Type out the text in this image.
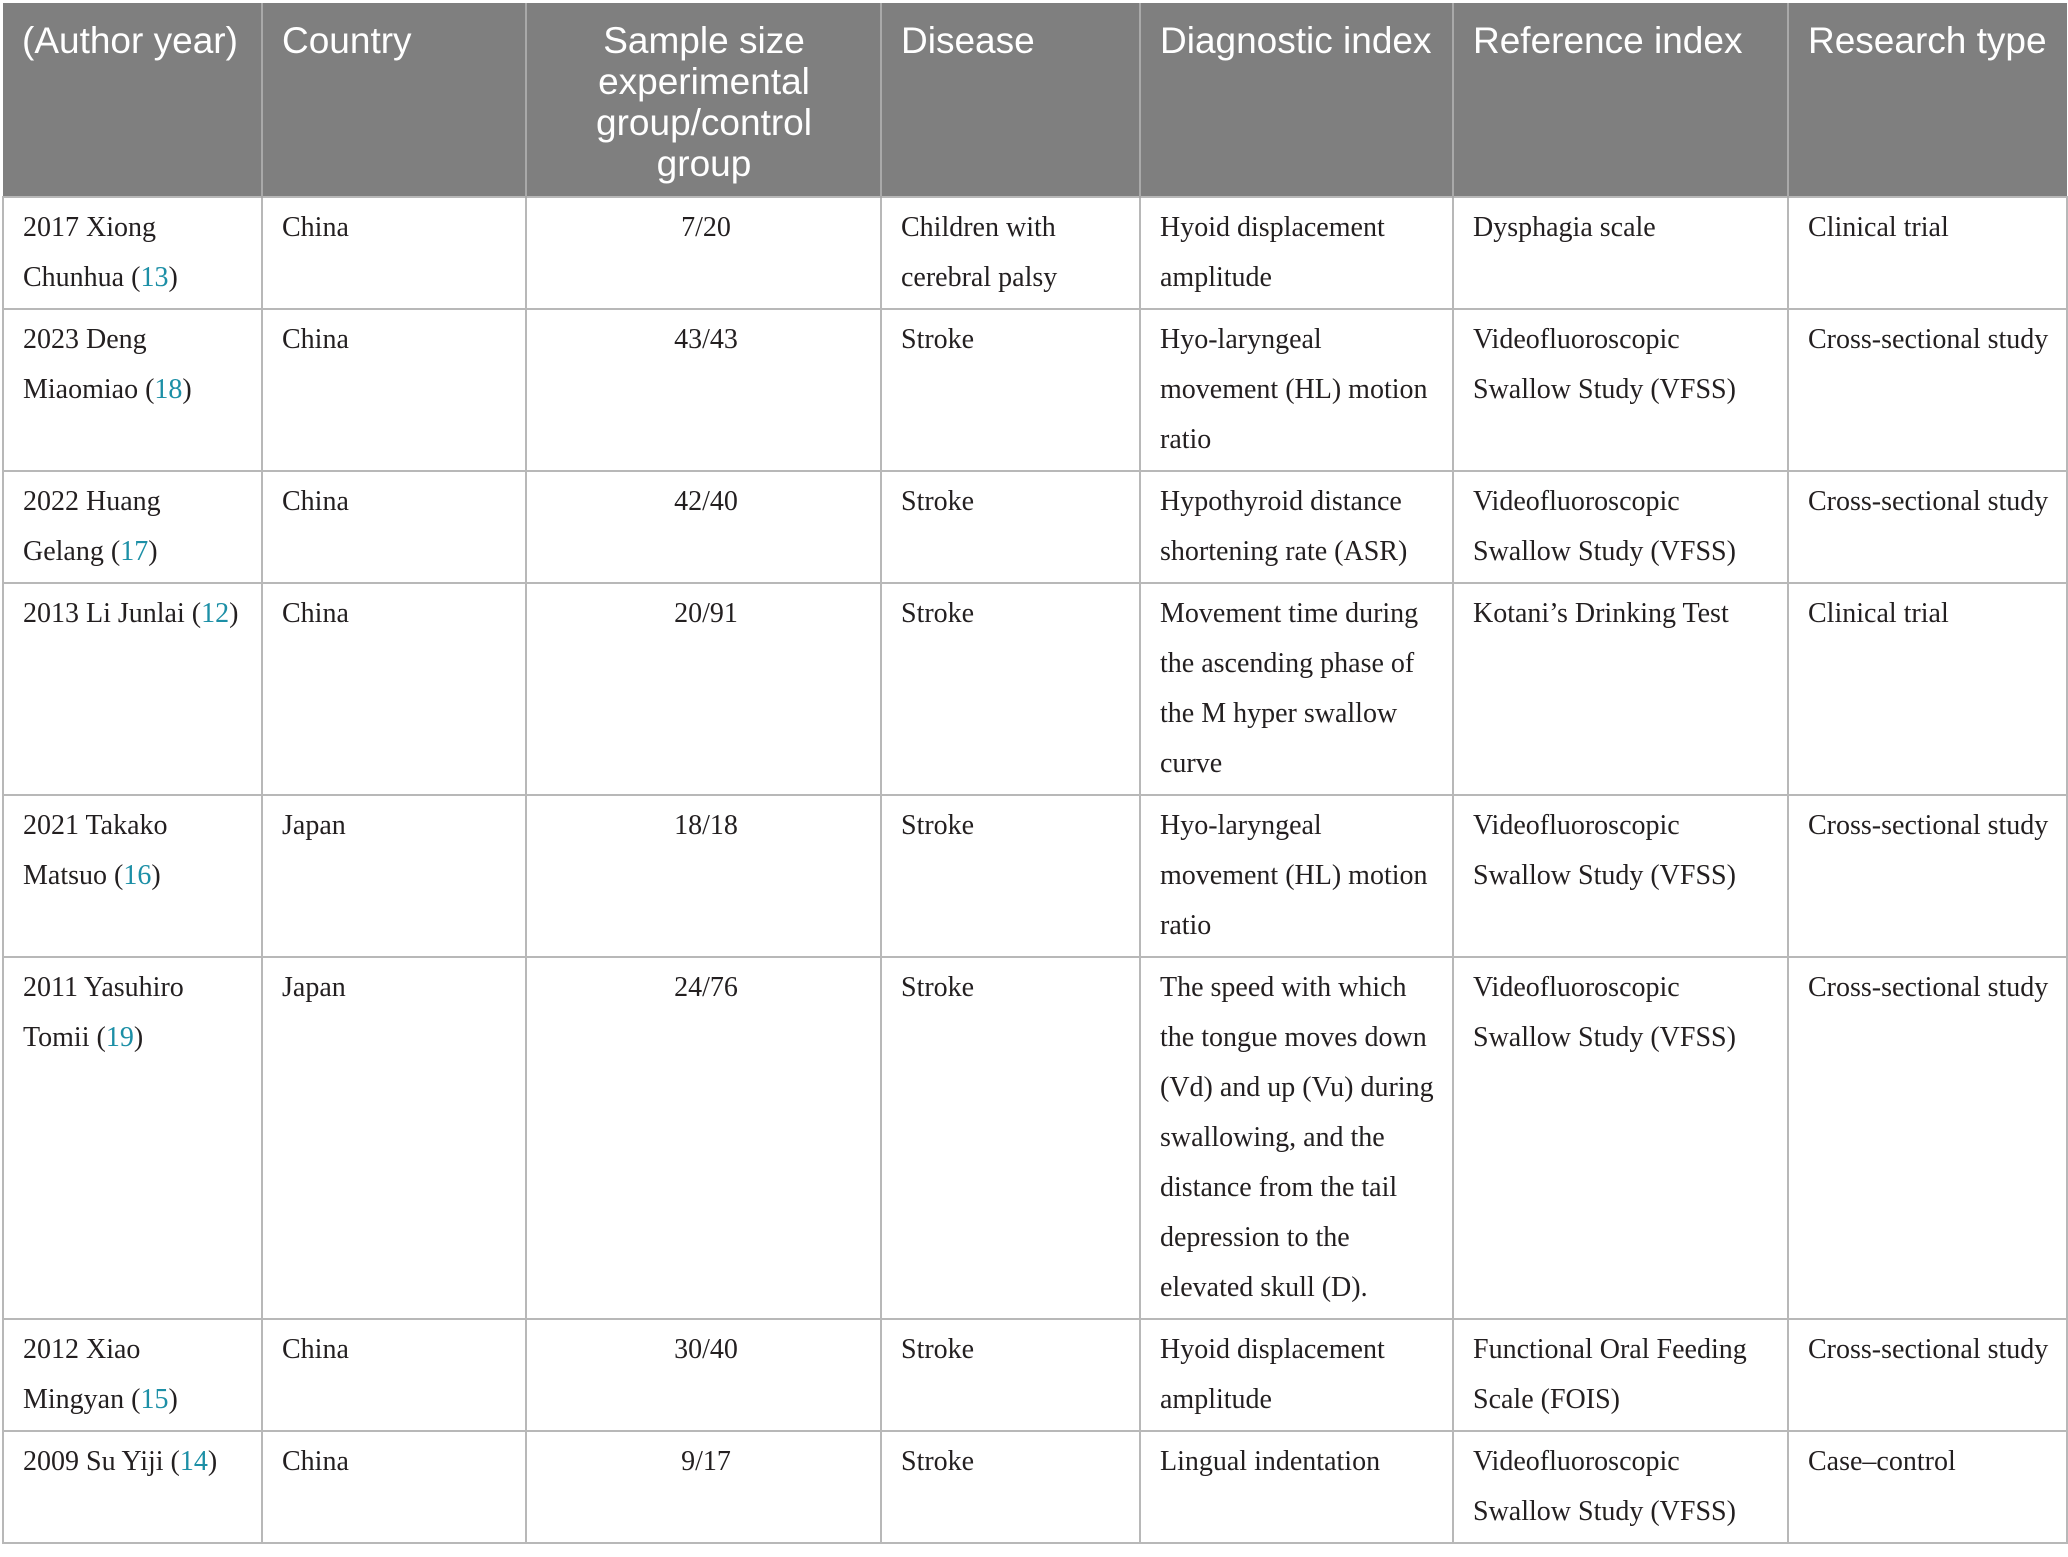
(Author year)	Country	Sample size experimental group/control group	Disease	Diagnostic index	Reference index	Research type
2017 Xiong Chunhua (13)	China	7/20	Children with cerebral palsy	Hyoid displacement amplitude	Dysphagia scale	Clinical trial
2023 Deng Miaomiao (18)	China	43/43	Stroke	Hyo-laryngeal movement (HL) motion ratio	Videofluoroscopic Swallow Study (VFSS)	Cross-sectional study
2022 Huang Gelang (17)	China	42/40	Stroke	Hypothyroid distance shortening rate (ASR)	Videofluoroscopic Swallow Study (VFSS)	Cross-sectional study
2013 Li Junlai (12)	China	20/91	Stroke	Movement time during the ascending phase of the M hyper swallow curve	Kotani’s Drinking Test	Clinical trial
2021 Takako Matsuo (16)	Japan	18/18	Stroke	Hyo-laryngeal movement (HL) motion ratio	Videofluoroscopic Swallow Study (VFSS)	Cross-sectional study
2011 Yasuhiro Tomii (19)	Japan	24/76	Stroke	The speed with which the tongue moves down (Vd) and up (Vu) during swallowing, and the distance from the tail depression to the elevated skull (D).	Videofluoroscopic Swallow Study (VFSS)	Cross-sectional study
2012 Xiao Mingyan (15)	China	30/40	Stroke	Hyoid displacement amplitude	Functional Oral Feeding Scale (FOIS)	Cross-sectional study
2009 Su Yiji (14)	China	9/17	Stroke	Lingual indentation	Videofluoroscopic Swallow Study (VFSS)	Case–control
